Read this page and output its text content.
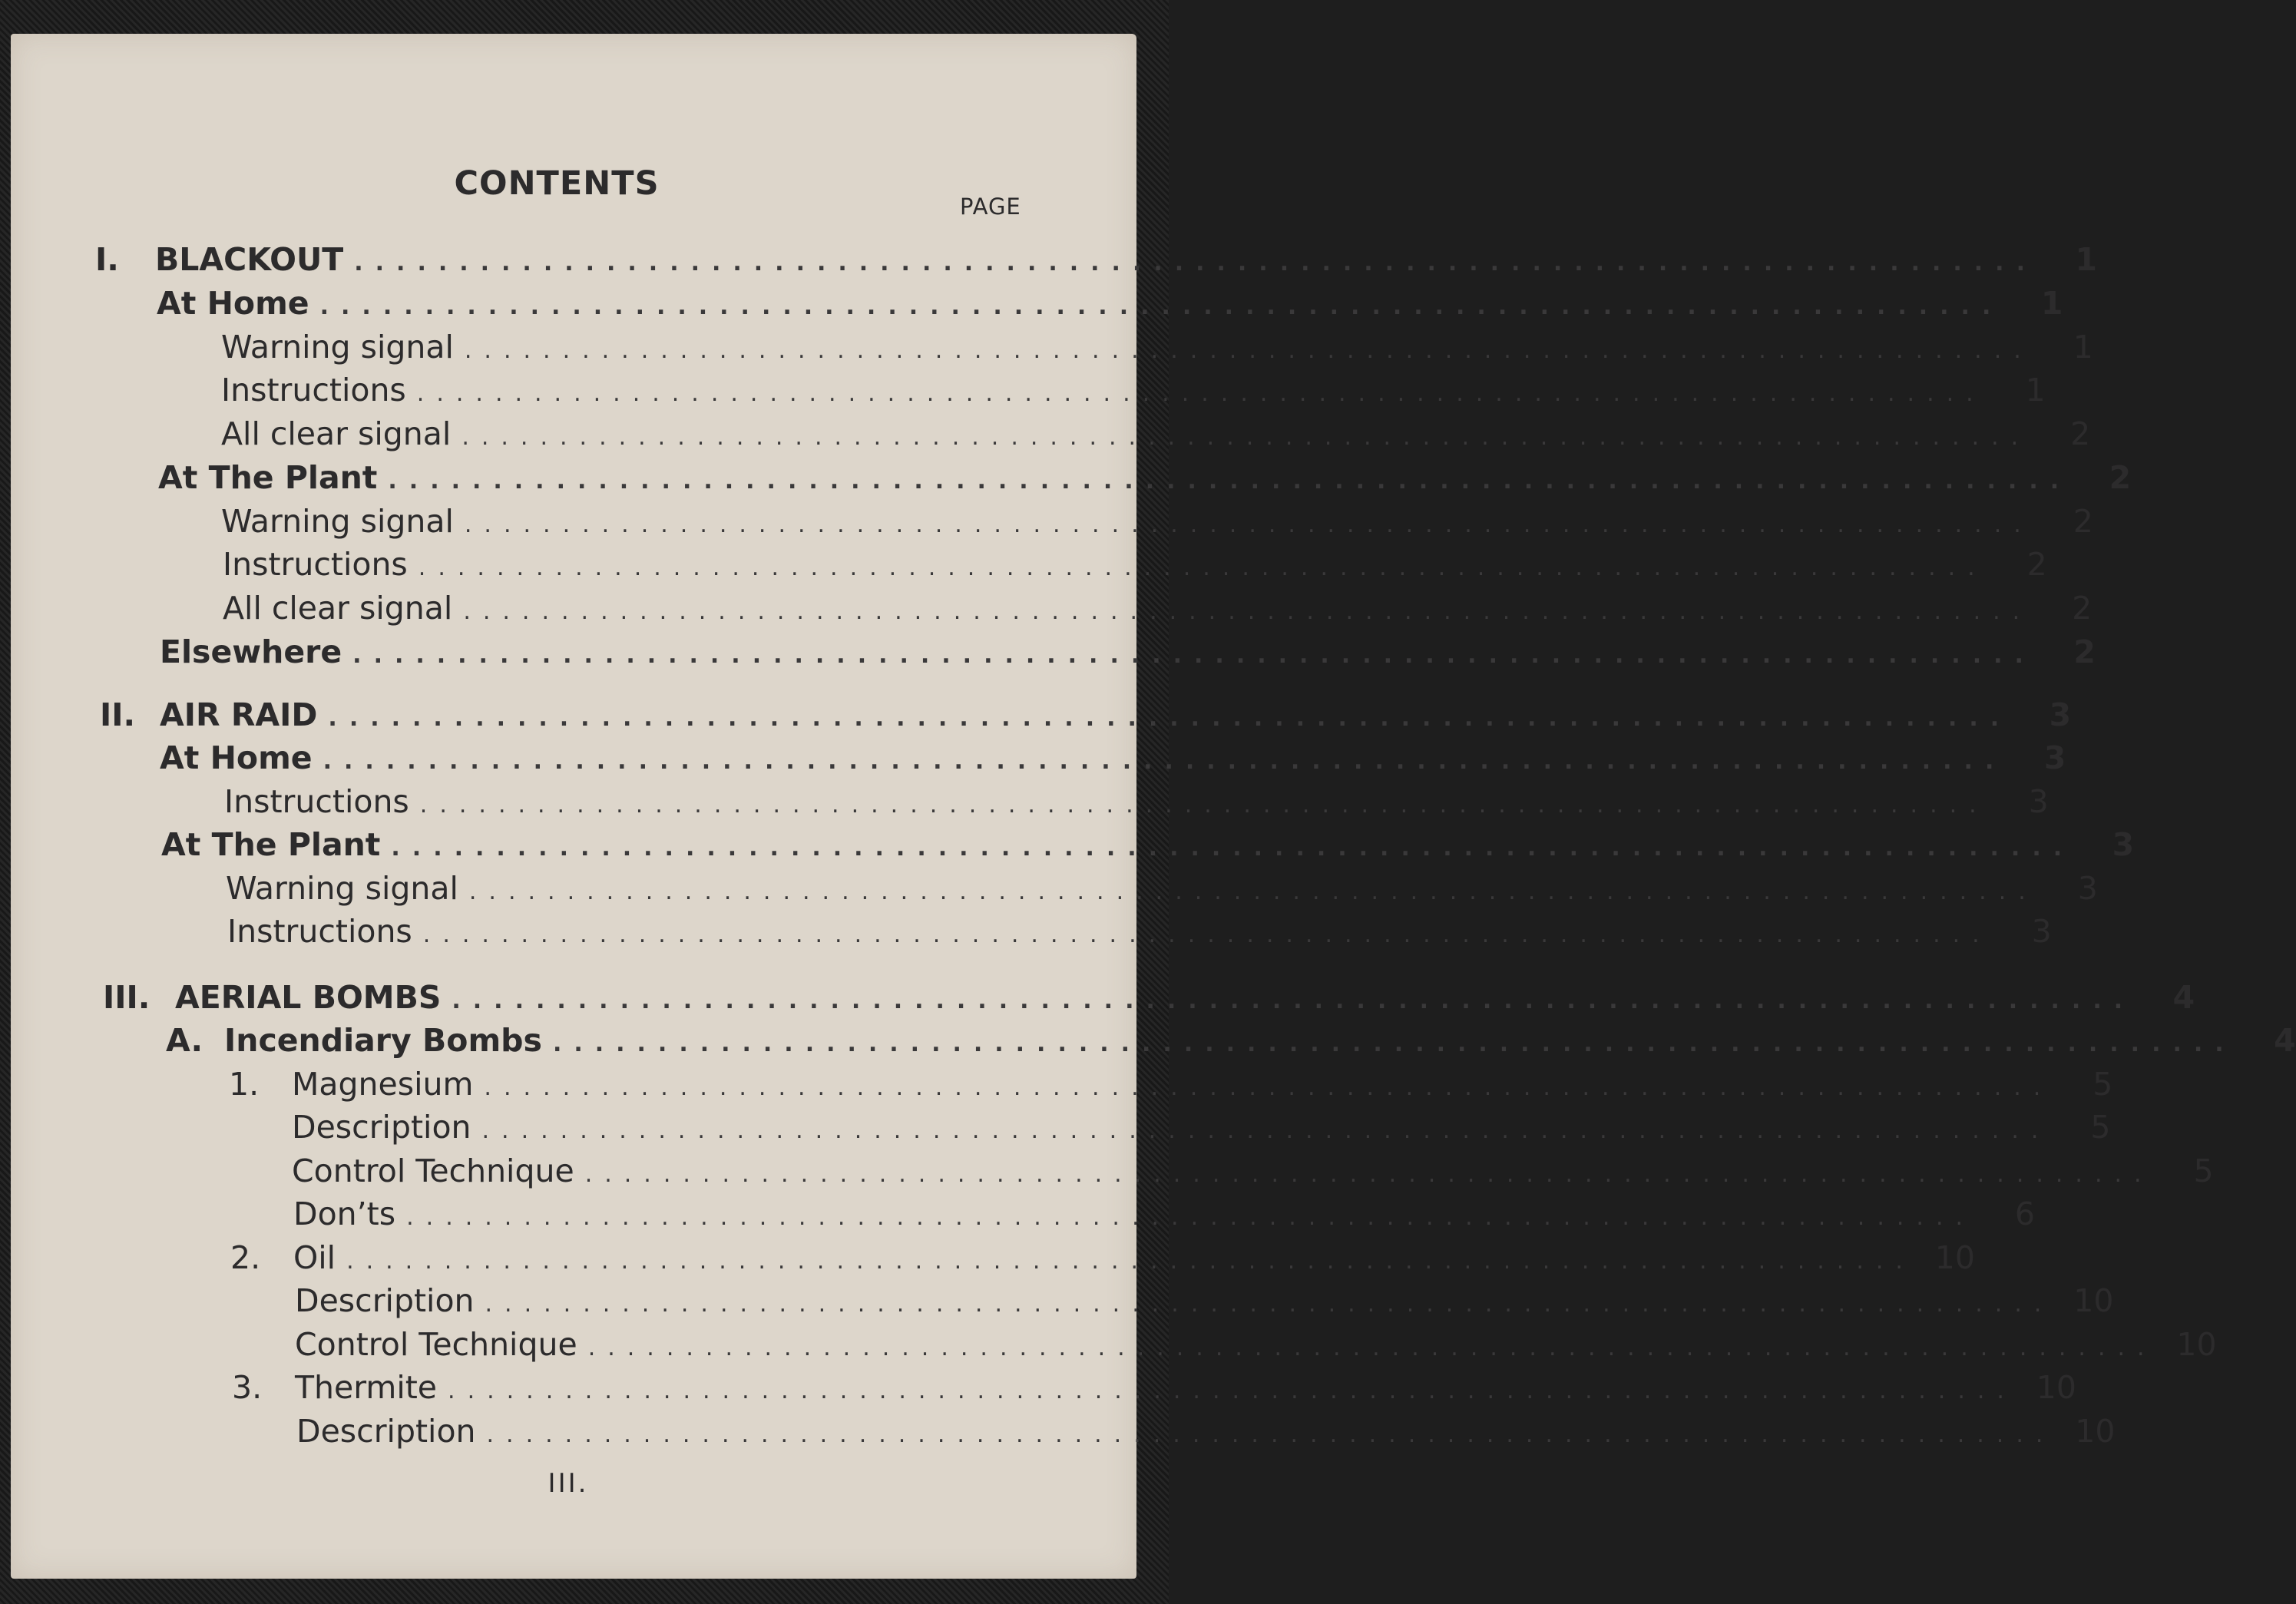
CONTENTS
PAGE
I.	BLACKOUT ................................................................................	1
At Home ................................................................................	1
Warning signal ................................................................................	1
Instructions ................................................................................	1
All clear signal ................................................................................	2
At The Plant ................................................................................	2
Warning signal ................................................................................	2
Instructions ................................................................................	2
All clear signal ................................................................................	2
Elsewhere ................................................................................	2
II. AIR RAID ................................................................................	3
At Home ................................................................................	3
Instructions ................................................................................	3
At The Plant ................................................................................	3
Warning signal ................................................................................	3
Instructions ................................................................................	3
III. AERIAL BOMBS ................................................................................	4
A. Incendiary Bombs ................................................................................	4
1.	Magnesium ................................................................................	5
Description ................................................................................	5
Control Technique ................................................................................	5
Don’ts ................................................................................	6
2.	Oil ................................................................................ 10
Description ................................................................................ 10
Control Technique ................................................................................ 10
3.	Thermite ................................................................................ 10
Description ................................................................................ 10
III.
